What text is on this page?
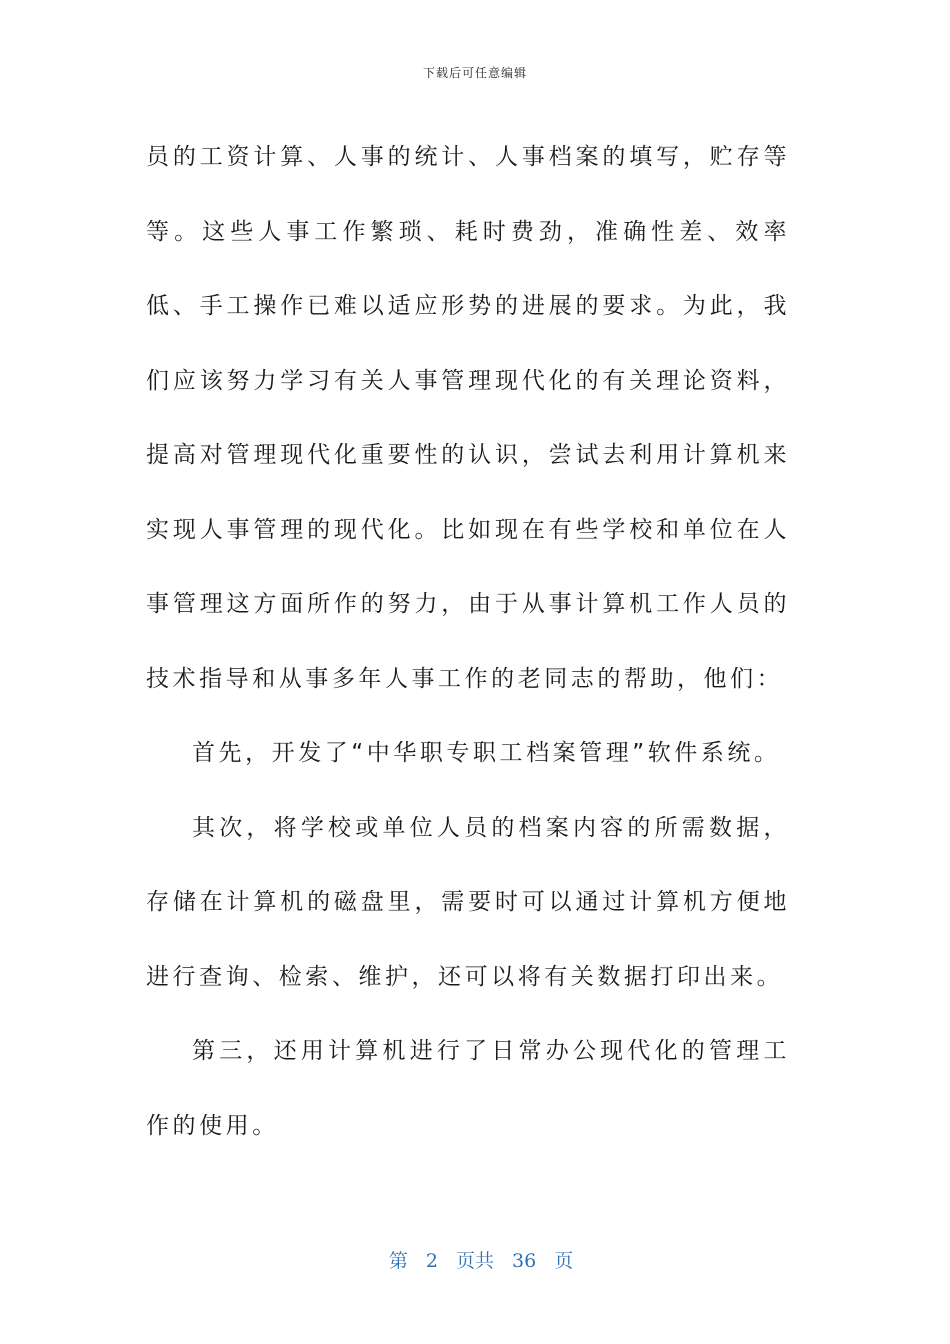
下载后可任意编辑

员的工资计算、人事的统计、人事档案的填写，贮存等等。这些人事工作繁琐、耗时费劲，准确性差、效率低、手工操作已难以适应形势的进展的要求。为此，我们应该努力学习有关人事管理现代化的有关理论资料，提高对管理现代化重要性的认识，尝试去利用计算机来实现人事管理的现代化。比如现在有些学校和单位在人事管理这方面所作的努力，由于从事计算机工作人员的技术指导和从事多年人事工作的老同志的帮助，他们：

首先，开发了“中华职专职工档案管理”软件系统。

其次，将学校或单位人员的档案内容的所需数据，存储在计算机的磁盘里，需要时可以通过计算机方便地进行查询、检索、维护，还可以将有关数据打印出来。

第三，还用计算机进行了日常办公现代化的管理工作的使用。

第 2 页共 36 页
